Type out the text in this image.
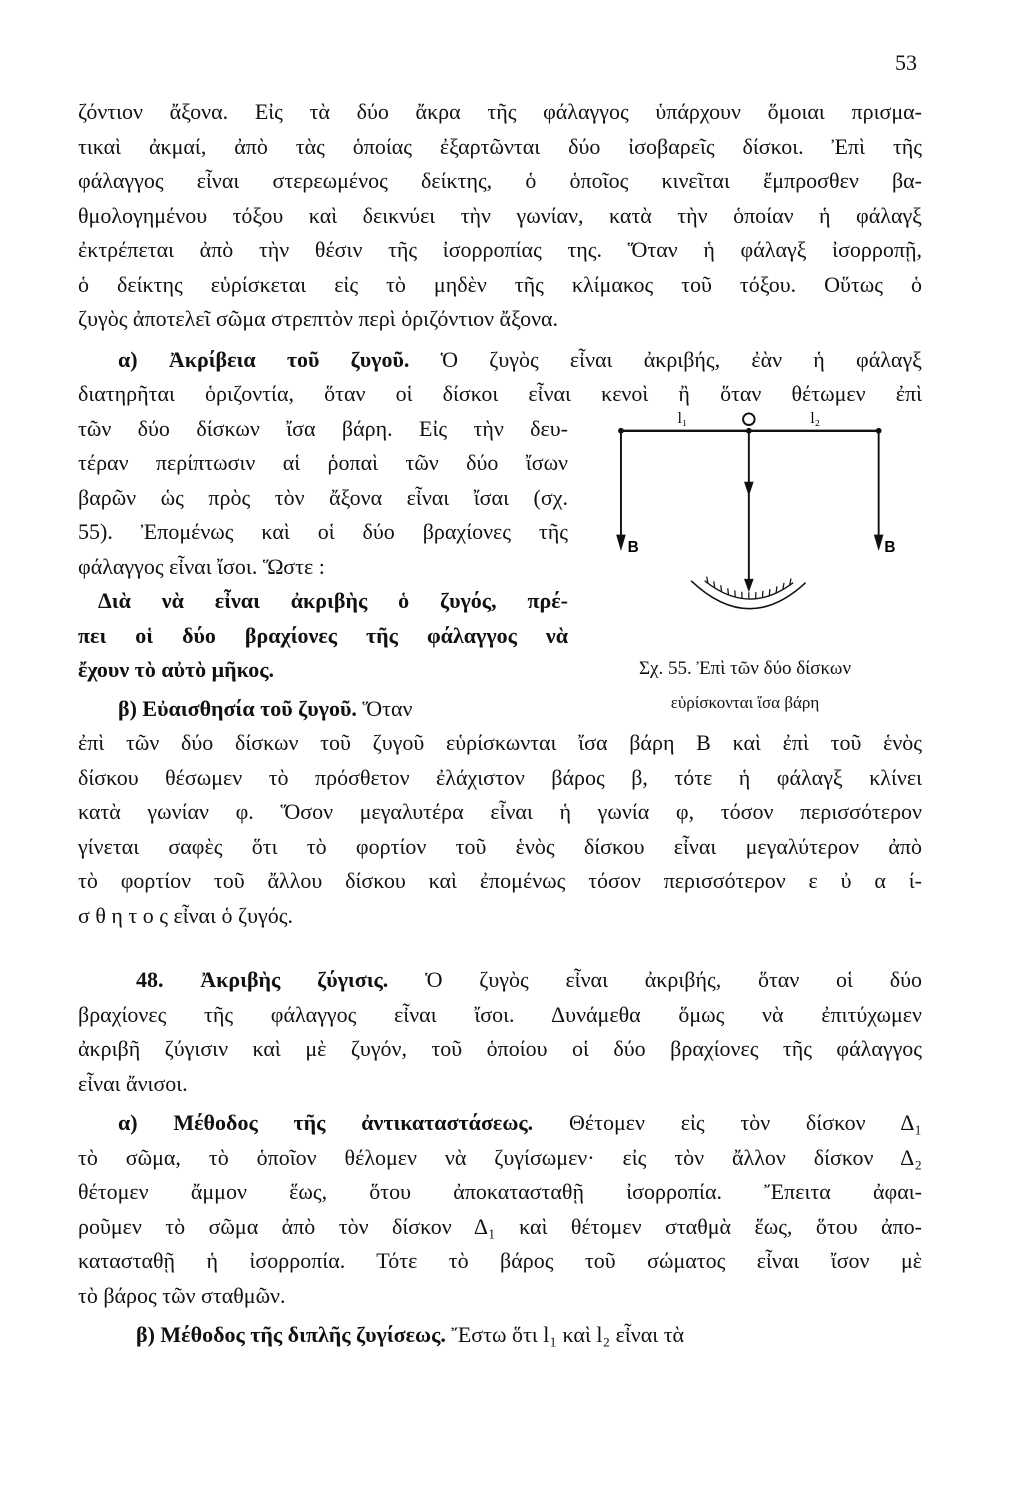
53
ζόντιον ἄξονα. Εἰς τὰ δύο ἄκρα τῆς φάλαγγος ὑπάρχουν ὅμοιαι πρισμα-
τικαὶ ἀκμαί, ἀπὸ τὰς ὁποίας ἐξαρτῶνται δύο ἰσοβαρεῖς δίσκοι. Ἐπὶ τῆς
φάλαγγος εἶναι στερεωμένος δείκτης, ὁ ὁποῖος κινεῖται ἔμπροσθεν βα-
θμολογημένου τόξου καὶ δεικνύει τὴν γωνίαν, κατὰ τὴν ὁποίαν ἡ φάλαγξ
ἐκτρέπεται ἀπὸ τὴν θέσιν τῆς ἰσορροπίας της. Ὅταν ἡ φάλαγξ ἰσορροπῇ,
ὁ δείκτης εὑρίσκεται εἰς τὸ μηδὲν τῆς κλίμακος τοῦ τόξου. Οὕτως ὁ
ζυγὸς ἀποτελεῖ σῶμα στρεπτὸν περὶ ὁριζόντιον ἄξονα.
α) Ἀκρίβεια τοῦ ζυγοῦ. Ὁ ζυγὸς εἶναι ἀκριβής, ἐὰν ἡ φάλαγξ
διατηρῆται ὁριζοντία, ὅταν οἱ δίσκοι εἶναι κενοὶ ἢ ὅταν θέτωμεν ἐπὶ
τῶν δύο δίσκων ἴσα βάρη. Εἰς τὴν δευ-
τέραν περίπτωσιν αἱ ῥοπαὶ τῶν δύο ἴσων
βαρῶν ὡς πρὸς τὸν ἄξονα εἶναι ἴσαι (σχ.
55). Ἐπομένως καὶ οἱ δύο βραχίονες τῆς
φάλαγγος εἶναι ἴσοι. Ὥστε :
Διὰ νὰ εἶναι ἀκριβὴς ὁ ζυγός, πρέ-
πει οἱ δύο βραχίονες τῆς φάλαγγος νὰ
ἔχουν τὸ αὐτὸ μῆκος.
β) Εὐαισθησία τοῦ ζυγοῦ. Ὅταν
ἐπὶ τῶν δύο δίσκων τοῦ ζυγοῦ εὑρίσκωνται ἴσα βάρη Β καὶ ἐπὶ τοῦ ἑνὸς
δίσκου θέσωμεν τὸ πρόσθετον ἐλάχιστον βάρος β, τότε ἡ φάλαγξ κλίνει
κατὰ γωνίαν φ. Ὅσον μεγαλυτέρα εἶναι ἡ γωνία φ, τόσον περισσότερον
γίνεται σαφὲς ὅτι τὸ φορτίον τοῦ ἑνὸς δίσκου εἶναι μεγαλύτερον ἀπὸ
τὸ φορτίον τοῦ ἄλλου δίσκου καὶ ἐπομένως τόσον περισσότερον ε ὐ α ί-
σ θ η τ ο ς εἶναι ὁ ζυγός.
48. Ἀκριβὴς ζύγισις. Ὁ ζυγὸς εἶναι ἀκριβής, ὅταν οἱ δύο
βραχίονες τῆς φάλαγγος εἶναι ἴσοι. Δυνάμεθα ὅμως νὰ ἐπιτύχωμεν
ἀκριβῆ ζύγισιν καὶ μὲ ζυγόν, τοῦ ὁποίου οἱ δύο βραχίονες τῆς φάλαγγος
εἶναι ἄνισοι.
α) Μέθοδος τῆς ἀντικαταστάσεως. Θέτομεν εἰς τὸν δίσκον Δ₁
τὸ σῶμα, τὸ ὁποῖον θέλομεν νὰ ζυγίσωμεν· εἰς τὸν ἄλλον δίσκον Δ₂
θέτομεν ἄμμον ἕως, ὅτου ἀποκατασταθῇ ἰσορροπία. Ἔπειτα ἀφαι-
ροῦμεν τὸ σῶμα ἀπὸ τὸν δίσκον Δ₁ καὶ θέτομεν σταθμὰ ἕως, ὅτου ἀπο-
κατασταθῇ ἡ ἰσορροπία. Τότε τὸ βάρος τοῦ σώματος εἶναι ἴσον μὲ
τὸ βάρος τῶν σταθμῶν.
β) Μέθοδος τῆς διπλῆς ζυγίσεως. Ἔστω ὅτι l₁ καὶ l₂ εἶναι τὰ
l₁	l₂
B	B
Σχ. 55. Ἐπὶ τῶν δύο δίσκων
εὑρίσκονται ἴσα βάρη
